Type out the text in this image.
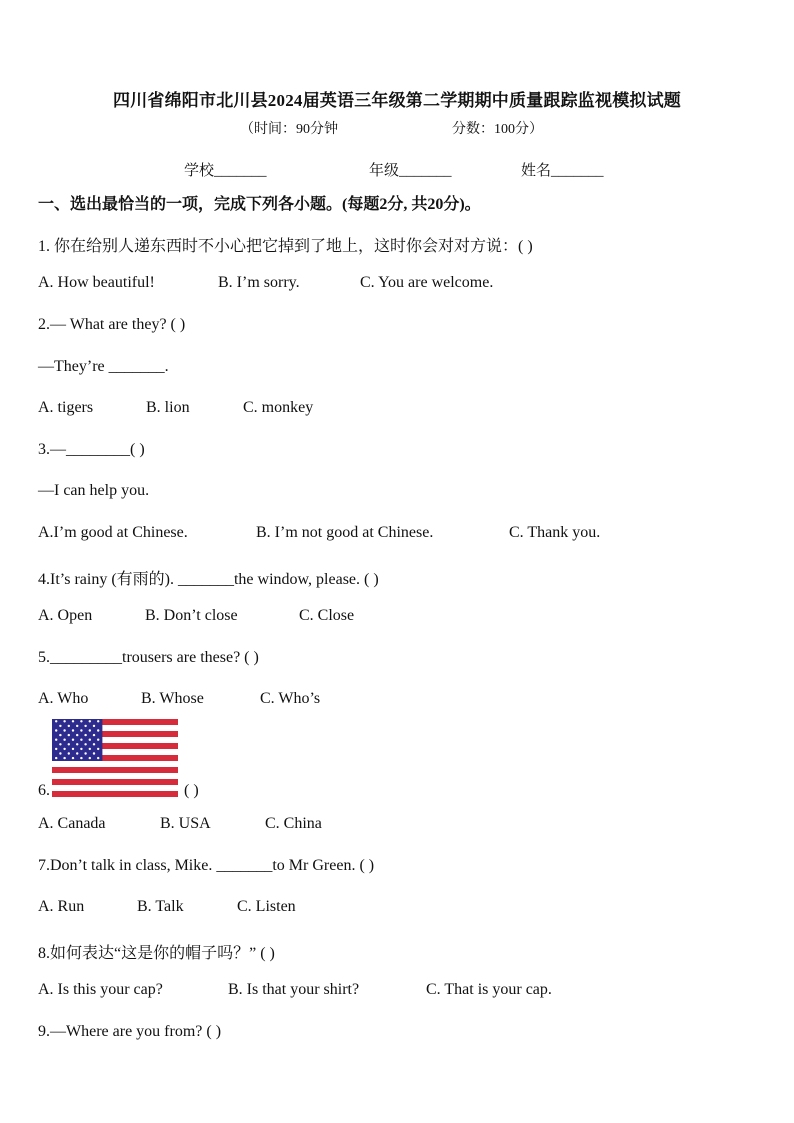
四川省绵阳市北川县2024届英语三年级第二学期期中质量跟踪监视模拟试题
（时间：90分钟	分数：100分）
学校_______	年级_______	姓名_______
一、选出最恰当的一项，完成下列各小题。(每题2分, 共20分)。
1. 你在给别人递东西时不小心把它掉到了地上，这时你会对对方说：( )
A. How beautiful!	B. I’m sorry.	C. You are welcome.
2.— What are they? ( )
—They’re _______.
A. tigers	B. lion	C. monkey
3.—________( )
—I can help you.
A.I’m good at Chinese.	B. I’m not good at Chinese.	C. Thank you.
4.It’s rainy (有雨的). _______the window, please. ( )
A. Open	B. Don’t close	C. Close
5._________trousers are these? ( )
A. Who	B. Whose	C. Who’s
6.	( )
A. Canada	B. USA	C. China
7.Don’t talk in class, Mike. _______to Mr Green. ( )
A. Run	B. Talk	C. Listen
8.如何表达“这是你的帽子吗？” ( )
A. Is this your cap?	B. Is that your shirt?	C. That is your cap.
9.—Where are you from? ( )
